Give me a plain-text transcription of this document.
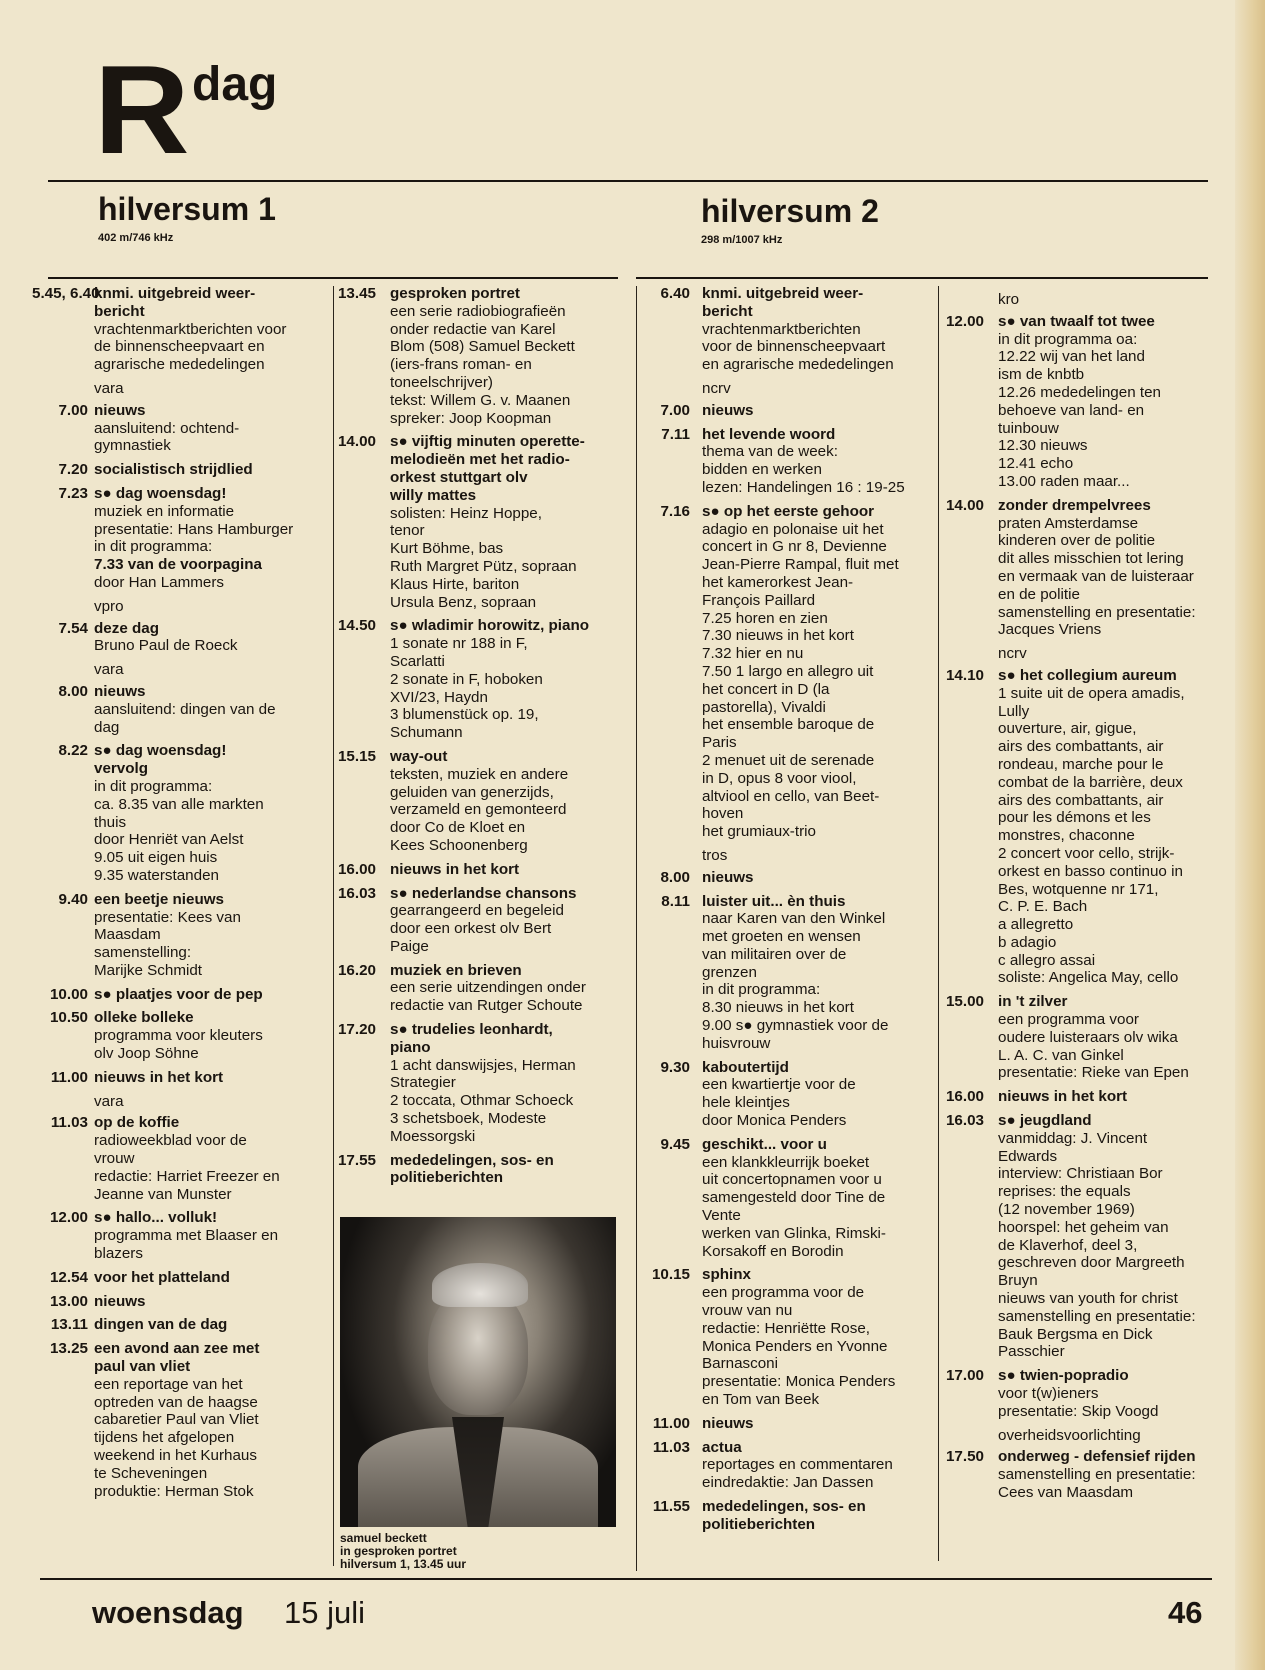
R dag
hilversum 1
402 m/746 kHz
hilversum 2
298 m/1007 kHz
5.45, 6.40
knmi. uitgebreid weer-
bericht
vrachtenmarktberichten voor
de binnenscheepvaart en
agrarische mededelingen
vara
7.00 nieuws
aansluitend: ochtend-
gymnastiek
7.20 socialistisch strijdlied
7.23 s● dag woensdag!
muziek en informatie
presentatie: Hans Hamburger
in dit programma:
7.33 van de voorpagina
door Han Lammers
vpro
7.54 deze dag
Bruno Paul de Roeck
vara
8.00 nieuws
aansluitend: dingen van de
dag
8.22 s● dag woensdag!
vervolg
in dit programma:
ca. 8.35 van alle markten
thuis
door Henriët van Aelst
9.05 uit eigen huis
9.35 waterstanden
9.40 een beetje nieuws
presentatie: Kees van
Maasdam
samenstelling:
Marijke Schmidt
10.00 s● plaatjes voor de pep
10.50 olleke bolleke
programma voor kleuters
olv Joop Söhne
11.00 nieuws in het kort
vara
11.03 op de koffie
radioweekblad voor de
vrouw
redactie: Harriet Freezer en
Jeanne van Munster
12.00 s● hallo... volluk!
programma met Blaaser en
blazers
12.54 voor het platteland
13.00 nieuws
13.11 dingen van de dag
13.25 een avond aan zee met
paul van vliet
een reportage van het
optreden van de haagse
cabaretier Paul van Vliet
tijdens het afgelopen
weekend in het Kurhaus
te Scheveningen
produktie: Herman Stok
13.45 gesproken portret
een serie radiobiografieën
onder redactie van Karel
Blom (508) Samuel Beckett
(iers-frans roman- en
toneelschrijver)
tekst: Willem G. v. Maanen
spreker: Joop Koopman
14.00 s● vijftig minuten operette-
melodieën met het radio-
orkest stuttgart olv
willy mattes
solisten: Heinz Hoppe,
tenor
Kurt Böhme, bas
Ruth Margret Pütz, sopraan
Klaus Hirte, bariton
Ursula Benz, sopraan
14.50 s● wladimir horowitz, piano
1 sonate nr 188 in F,
Scarlatti
2 sonate in F, hoboken
XVI/23, Haydn
3 blumenstück op. 19,
Schumann
15.15 way-out
teksten, muziek en andere
geluiden van generzijds,
verzameld en gemonteerd
door Co de Kloet en
Kees Schoonenberg
16.00 nieuws in het kort
16.03 s● nederlandse chansons
gearrangeerd en begeleid
door een orkest olv Bert
Paige
16.20 muziek en brieven
een serie uitzendingen onder
redactie van Rutger Schoute
17.20 s● trudelies leonhardt,
piano
1 acht danswijsjes, Herman
Strategier
2 toccata, Othmar Schoeck
3 schetsboek, Modeste
Moessorgski
17.55 mededelingen, sos- en
politieberichten
6.40 knmi. uitgebreid weer-
bericht
vrachtenmarktberichten
voor de binnenscheepvaart
en agrarische mededelingen
ncrv
7.00 nieuws
7.11 het levende woord
thema van de week:
bidden en werken
lezen: Handelingen 16 : 19-25
7.16 s● op het eerste gehoor
adagio en polonaise uit het
concert in G nr 8, Devienne
Jean-Pierre Rampal, fluit met
het kamerorkest Jean-
François Paillard
7.25 horen en zien
7.30 nieuws in het kort
7.32 hier en nu
7.50 1 largo en allegro uit
het concert in D (la
pastorella), Vivaldi
het ensemble baroque de
Paris
2 menuet uit de serenade
in D, opus 8 voor viool,
altviool en cello, van Beet-
hoven
het grumiaux-trio
tros
8.00 nieuws
8.11 luister uit... èn thuis
naar Karen van den Winkel
met groeten en wensen
van militairen over de
grenzen
in dit programma:
8.30 nieuws in het kort
9.00 s● gymnastiek voor de
huisvrouw
9.30 kaboutertijd
een kwartiertje voor de
hele kleintjes
door Monica Penders
9.45 geschikt... voor u
een klankkleurrijk boeket
uit concertopnamen voor u
samengesteld door Tine de
Vente
werken van Glinka, Rimski-
Korsakoff en Borodin
10.15 sphinx
een programma voor de
vrouw van nu
redactie: Henriëtte Rose,
Monica Penders en Yvonne
Barnasconi
presentatie: Monica Penders
en Tom van Beek
11.00 nieuws
11.03 actua
reportages en commentaren
eindredaktie: Jan Dassen
11.55 mededelingen, sos- en
politieberichten
kro
12.00 s● van twaalf tot twee
in dit programma oa:
12.22 wij van het land
ism de knbtb
12.26 mededelingen ten
behoeve van land- en
tuinbouw
12.30 nieuws
12.41 echo
13.00 raden maar...
14.00 zonder drempelvrees
praten Amsterdamse
kinderen over de politie
dit alles misschien tot lering
en vermaak van de luisteraar
en de politie
samenstelling en presentatie:
Jacques Vriens
ncrv
14.10 s● het collegium aureum
1 suite uit de opera amadis,
Lully
ouverture, air, gigue,
airs des combattants, air
rondeau, marche pour le
combat de la barrière, deux
airs des combattants, air
pour les démons et les
monstres, chaconne
2 concert voor cello, strijk-
orkest en basso continuo in
Bes, wotquenne nr 171,
C. P. E. Bach
a allegretto
b adagio
c allegro assai
soliste: Angelica May, cello
15.00 in 't zilver
een programma voor
oudere luisteraars olv wika
L. A. C. van Ginkel
presentatie: Rieke van Epen
16.00 nieuws in het kort
16.03 s● jeugdland
vanmiddag: J. Vincent
Edwards
interview: Christiaan Bor
reprises: the equals
(12 november 1969)
hoorspel: het geheim van
de Klaverhof, deel 3,
geschreven door Margreeth
Bruyn
nieuws van youth for christ
samenstelling en presentatie:
Bauk Bergsma en Dick
Passchier
17.00 s● twien-popradio
voor t(w)ieners
presentatie: Skip Voogd
overheidsvoorlichting
17.50 onderweg - defensief rijden
samenstelling en presentatie:
Cees van Maasdam
samuel beckett
in gesproken portret
hilversum 1, 13.45 uur
woensdag 15 juli	46
